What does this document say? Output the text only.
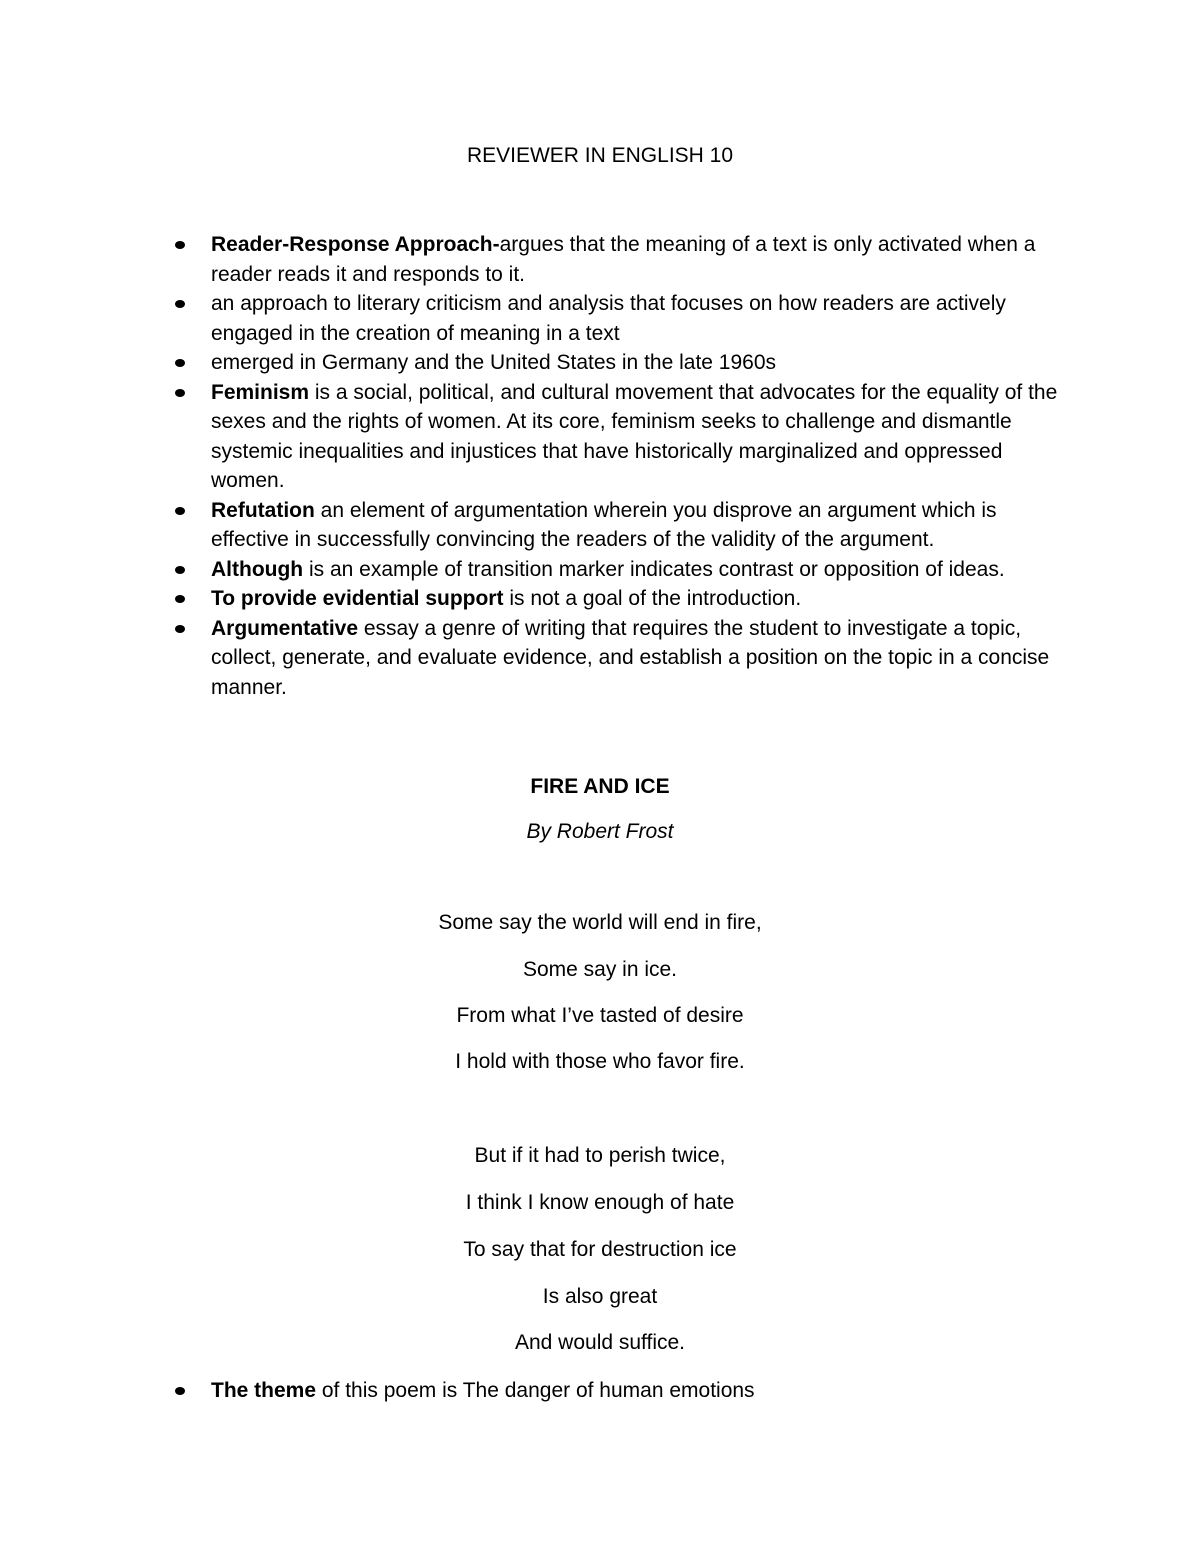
REVIEWER IN ENGLISH 10
Reader-Response Approach-argues that the meaning of a text is only activated when a reader reads it and responds to it.
an approach to literary criticism and analysis that focuses on how readers are actively engaged in the creation of meaning in a text
emerged in Germany and the United States in the late 1960s
Feminism is a social, political, and cultural movement that advocates for the equality of the sexes and the rights of women. At its core, feminism seeks to challenge and dismantle systemic inequalities and injustices that have historically marginalized and oppressed women.
Refutation an element of argumentation wherein you disprove an argument which is effective in successfully convincing the readers of the validity of the argument.
Although is an example of transition marker indicates contrast or opposition of ideas.
To provide evidential support is not a goal of the introduction.
Argumentative essay a genre of writing that requires the student to investigate a topic, collect, generate, and evaluate evidence, and establish a position on the topic in a concise manner.
FIRE AND ICE
By Robert Frost
Some say the world will end in fire,
Some say in ice.
From what I’ve tasted of desire
I hold with those who favor fire.
But if it had to perish twice,
I think I know enough of hate
To say that for destruction ice
Is also great
And would suffice.
The theme of this poem is The danger of human emotions
